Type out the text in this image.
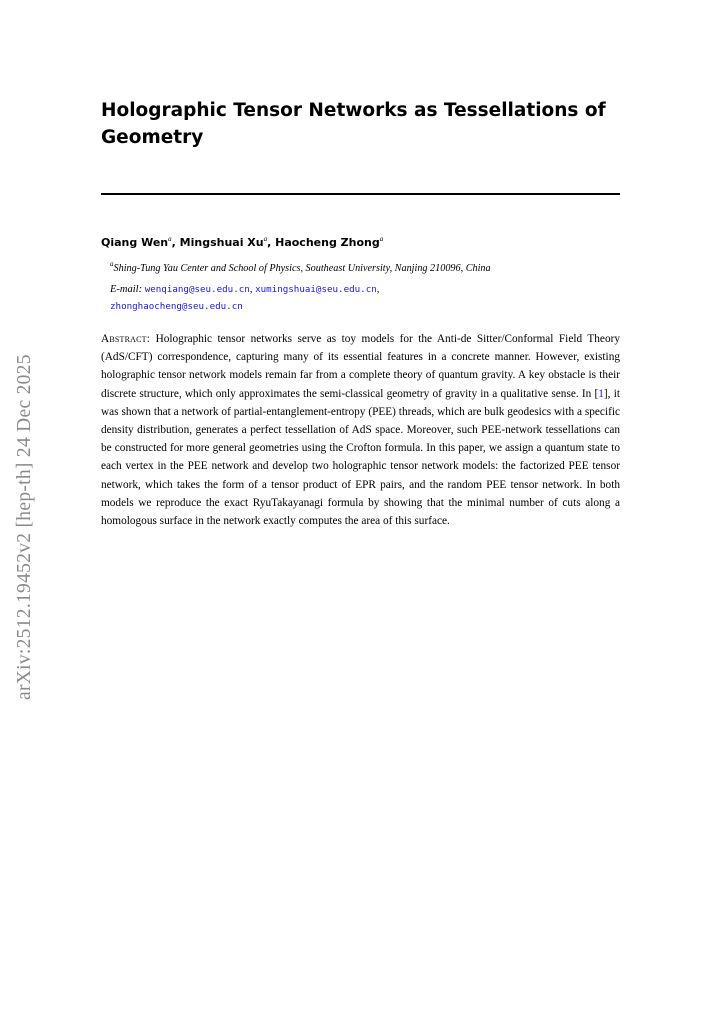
arXiv:2512.19452v2 [hep-th] 24 Dec 2025
Holographic Tensor Networks as Tessellations of
Geometry
Qiang Wen$^a$, Mingshuai Xu$^a$, Haocheng Zhong$^a$
$^a$Shing-Tung Yau Center and School of Physics, Southeast University, Nanjing 210096, China
E-mail: wenqiang@seu.edu.cn, xumingshuai@seu.edu.cn,
zhonghaocheng@seu.edu.cn

Abstract: Holographic tensor networks serve as toy models for the Anti-de Sitter/Conformal Field Theory (AdS/CFT) correspondence, capturing many of its essential features in a concrete manner. However, existing holographic tensor network models remain far from a complete theory of quantum gravity. A key obstacle is their discrete structure, which only approximates the semi-classical geometry of gravity in a qualitative sense. In [1], it was shown that a network of partial-entanglement-entropy (PEE) threads, which are bulk geodesics with a specific density distribution, generates a perfect tessellation of AdS space. Moreover, such PEE-network tessellations can be constructed for more general geometries using the Crofton formula. In this paper, we assign a quantum state to each vertex in the PEE network and develop two holographic tensor network models: the factorized PEE tensor network, which takes the form of a tensor product of EPR pairs, and the random PEE tensor network. In both models we reproduce the exact RyuTakayanagi formula by showing that the minimal number of cuts along a homologous surface in the network exactly computes the area of this surface.
